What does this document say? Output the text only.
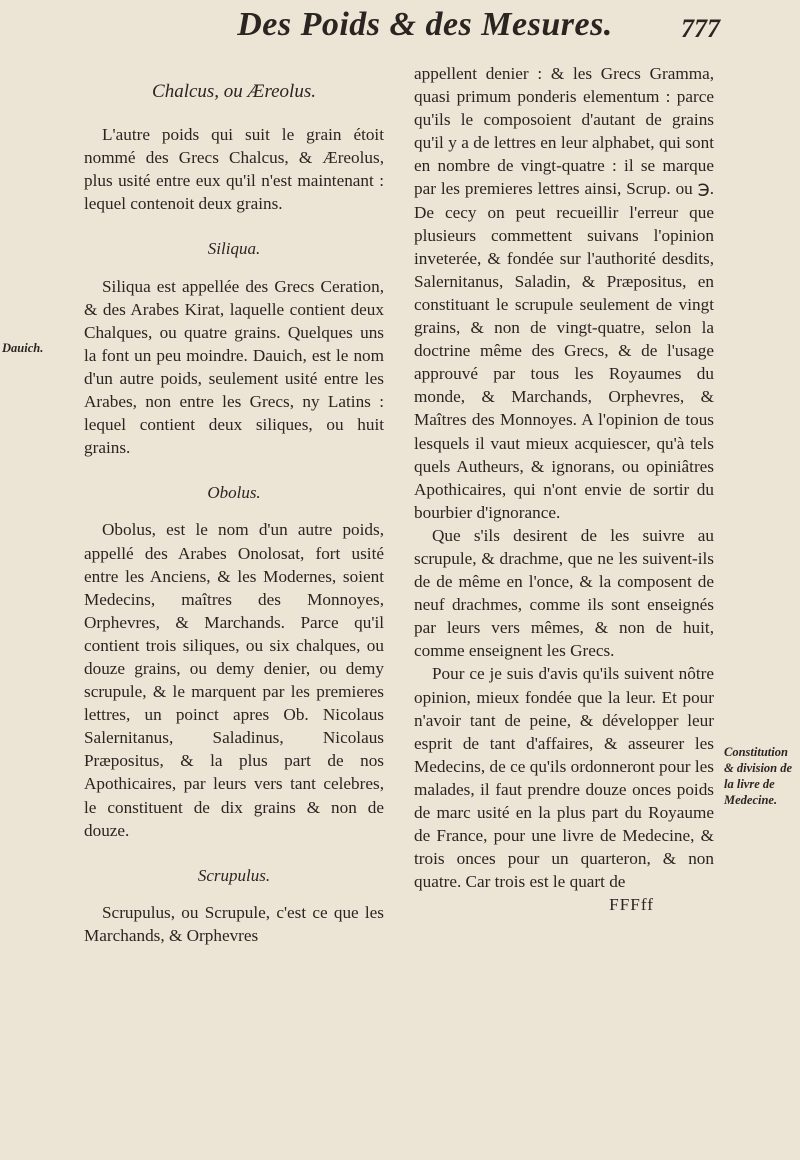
Des Poids & des Mesures.	777
Dauich.
Constitution & division de la livre de Medecine.
Chalcus, ou Æreolus.

L'autre poids qui suit le grain étoit nommé des Grecs Chalcus, & Æreolus, plus usité entre eux qu'il n'est maintenant : lequel contenoit deux grains.

Siliqua.

Siliqua est appellée des Grecs Ceration, & des Arabes Kirat, laquelle contient deux Chalques, ou quatre grains. Quelques uns la font un peu moindre. Dauich, est le nom d'un autre poids, seulement usité entre les Arabes, non entre les Grecs, ny Latins : lequel contient deux siliques, ou huit grains.

Obolus.

Obolus, est le nom d'un autre poids, appellé des Arabes Onolosat, fort usité entre les Anciens, & les Modernes, soient Medecins, maîtres des Monnoyes, Orphevres, & Marchands. Parce qu'il contient trois siliques, ou six chalques, ou douze grains, ou demy denier, ou demy scrupule, & le marquent par les premieres lettres, un poinct apres Ob. Nicolaus Salernitanus, Saladinus, Nicolaus Præpositus, & la plus part de nos Apothicaires, par leurs vers tant celebres, le constituent de dix grains & non de douze.

Scrupulus.

Scrupulus, ou Scrupule, c'est ce que les Marchands, & Orphevres

appellent denier : & les Grecs Gramma, quasi primum ponderis elementum : parce qu'ils le composoient d'autant de grains qu'il y a de lettres en leur alphabet, qui sont en nombre de vingt-quatre : il se marque par les premieres lettres ainsi, Scrup. ou ℈. De cecy on peut recueillir l'erreur que plusieurs commettent suivans l'opinion inveterée, & fondée sur l'authorité desdits, Salernitanus, Saladin, & Præpositus, en constituant le scrupule seulement de vingt grains, & non de vingt-quatre, selon la doctrine même des Grecs, & de l'usage approuvé par tous les Royaumes du monde, & Marchands, Orphevres, & Maîtres des Monnoyes. A l'opinion de tous lesquels il vaut mieux acquiescer, qu'à tels quels Autheurs, & ignorans, ou opiniâtres Apothicaires, qui n'ont envie de sortir du bourbier d'ignorance.

Que s'ils desirent de les suivre au scrupule, & drachme, que ne les suivent-ils de de même en l'once, & la composent de neuf drachmes, comme ils sont enseignés par leurs vers mêmes, & non de huit, comme enseignent les Grecs.

Pour ce je suis d'avis qu'ils suivent nôtre opinion, mieux fondée que la leur. Et pour n'avoir tant de peine, & développer leur esprit de tant d'affaires, & asseurer les Medecins, de ce qu'ils ordonneront pour les malades, il faut prendre douze onces poids de marc usité en la plus part du Royaume de France, pour une livre de Medecine, & trois onces pour un quarteron, & non quatre. Car trois est le quart de

FFFff
